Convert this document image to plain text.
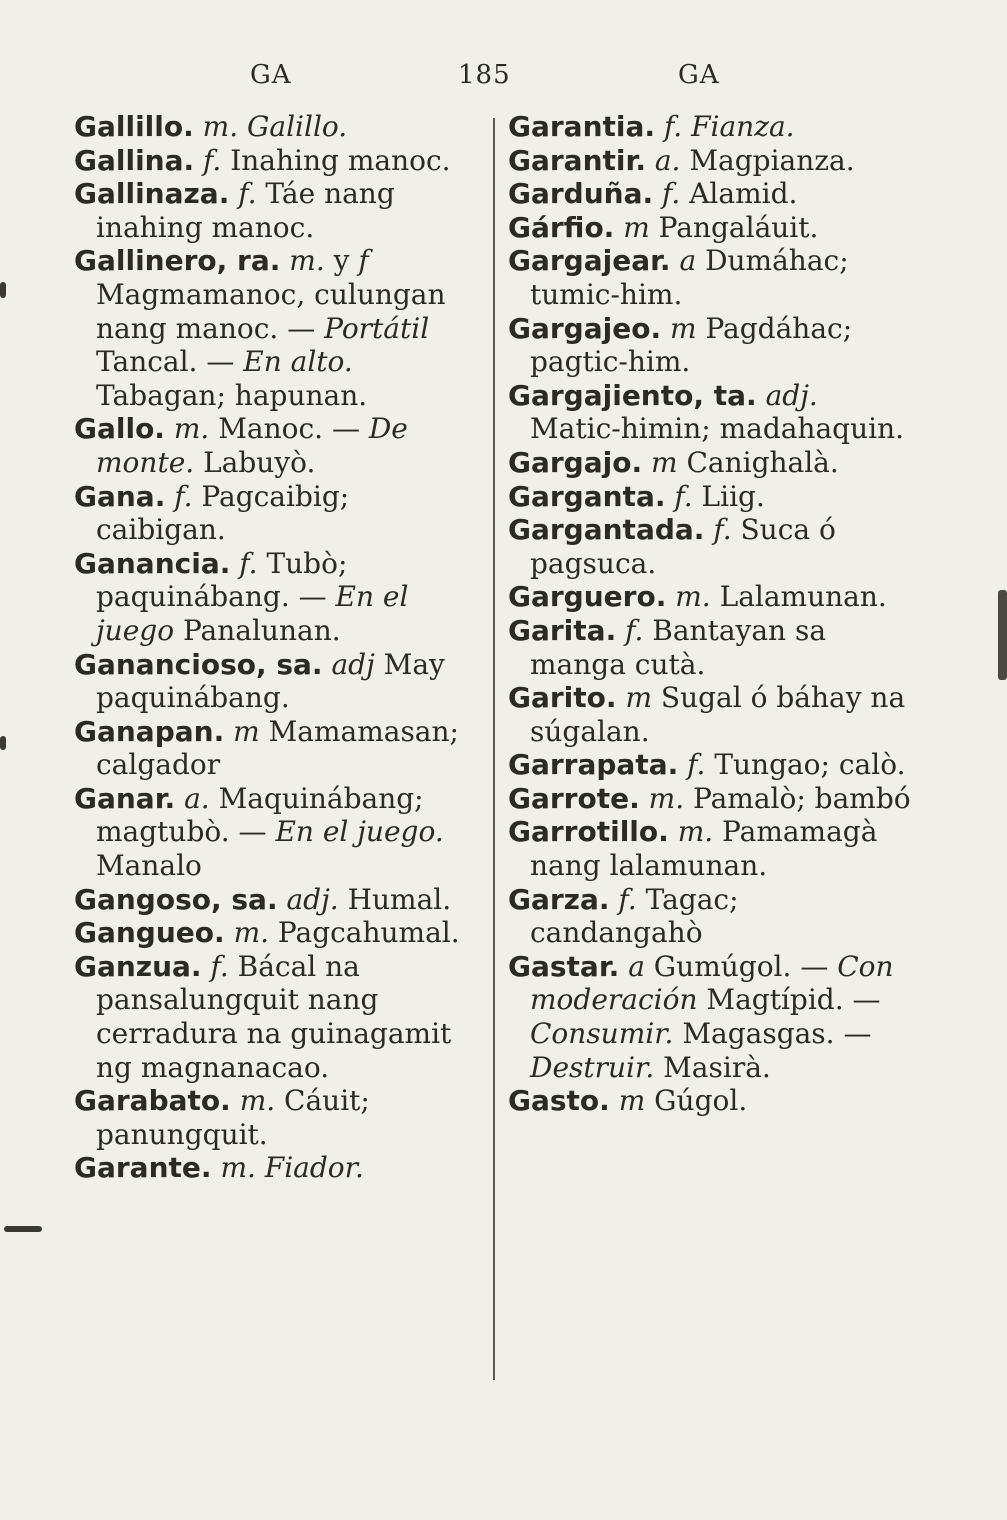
GA	185	GA

Gallillo. m. Galillo.

Gallina. f. Inahing manoc.

Gallinaza. f. Táe nang inahing manoc.

Gallinero, ra. m. y f Magmamanoc, culungan nang manoc. — Portátil Tancal. — En alto. Tabagan; hapunan.

Gallo. m. Manoc. — De monte. Labuyò.

Gana. f. Pagcaibig; caibigan.

Ganancia. f. Tubò; paquinábang. — En el juego Panalunan.

Ganancioso, sa. adj May paquinábang.

Ganapan. m Mamamasan; calgador

Ganar. a. Maquinábang; magtubò. — En el juego. Manalo

Gangoso, sa. adj. Humal.

Gangueo. m. Pagcahumal.

Ganzua. f. Bácal na pansalungquit nang cerradura na guinagamit ng magnanacao.

Garabato. m. Cáuit; panungquit.

Garante. m. Fiador.

Garantia. f. Fianza.

Garantir. a. Magpianza.

Garduña. f. Alamid.

Gárfio. m Pangaláuit.

Gargajear. a Dumáhac; tumic-him.

Gargajeo. m Pagdáhac; pagtic-him.

Gargajiento, ta. adj. Matic-himin; madahaquin.

Gargajo. m Canighalà.

Garganta. f. Liig.

Gargantada. f. Suca ó pagsuca.

Garguero. m. Lalamunan.

Garita. f. Bantayan sa manga cutà.

Garito. m Sugal ó báhay na súgalan.

Garrapata. f. Tungao; calò.

Garrote. m. Pamalò; bambó

Garrotillo. m. Pamamagà nang lalamunan.

Garza. f. Tagac; candangahò

Gastar. a Gumúgol. — Con moderación Magtípid. — Consumir. Magasgas. — Destruir. Masirà.

Gasto. m Gúgol.
